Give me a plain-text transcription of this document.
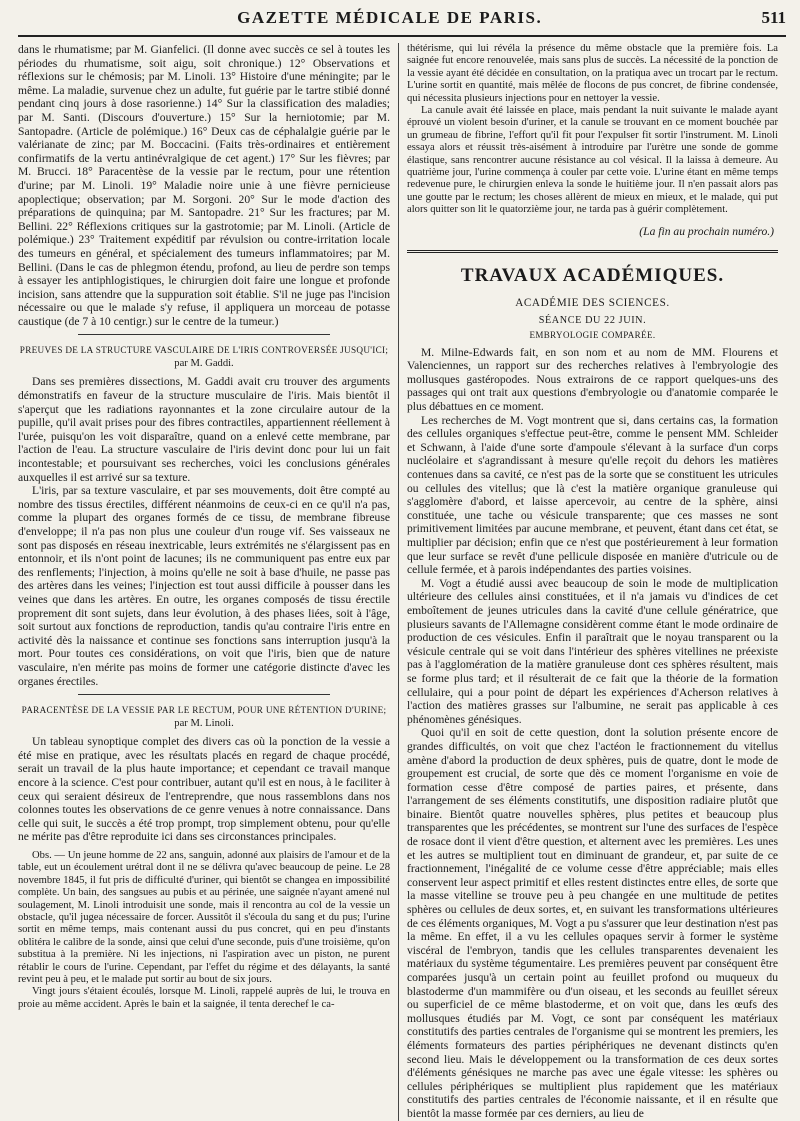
GAZETTE MÉDICALE DE PARIS.	511

dans le rhumatisme; par M. Gianfelici. (Il donne avec succès ce sel à toutes les périodes du rhumatisme, soit aigu, soit chronique.) 12° Observations et réflexions sur le chémosis; par M. Linoli. 13° Histoire d'une méningite; par le même. La maladie, survenue chez un adulte, fut guérie par le tartre stibié donné pendant cinq jours à dose rasorienne.) 14° Sur la classification des maladies; par M. Santi. (Discours d'ouverture.) 15° Sur la herniotomie; par M. Santopadre. (Article de polémique.) 16° Deux cas de céphalalgie guérie par le valérianate de zinc; par M. Boccacini. (Faits très-ordinaires et entièrement confirmatifs de la vertu antinévralgique de cet agent.) 17° Sur les fièvres; par M. Brucci. 18° Paracentèse de la vessie par le rectum, pour une rétention d'urine; par M. Linoli. 19° Maladie noire unie à une fièvre pernicieuse apoplectique; observation; par M. Sorgoni. 20° Sur le mode d'action des préparations de quinquina; par M. Santopadre. 21° Sur les fractures; par M. Bellini. 22° Réflexions critiques sur la gastrotomie; par M. Linoli. (Article de polémique.) 23° Traitement expéditif par révulsion ou contre-irritation locale des tumeurs en général, et spécialement des tumeurs inflammatoires; par M. Bellini. (Dans le cas de phlegmon étendu, profond, au lieu de perdre son temps à essayer les antiphlogistiques, le chirurgien doit faire une longue et profonde incision, sans attendre que la suppuration soit établie. S'il ne juge pas l'incision nécessaire ou que le malade s'y refuse, il appliquera un morceau de potasse caustique (de 7 à 10 centigr.) sur le centre de la tumeur.)

PREUVES DE LA STRUCTURE VASCULAIRE DE L'IRIS CONTROVERSÉE JUSQU'ICI;
par M. Gaddi.

Dans ses premières dissections, M. Gaddi avait cru trouver des arguments démonstratifs en faveur de la structure musculaire de l'iris. Mais bientôt il s'aperçut que les radiations rayonnantes et la zone circulaire autour de la pupille, qu'il avait prises pour des fibres contractiles, appartiennent réellement à l'urée, puisqu'on les voit disparaître, quand on a enlevé cette membrane, par l'action de l'eau. La structure vasculaire de l'iris devint donc pour lui un fait incontestable; et poursuivant ses recherches, voici les conclusions générales auxquelles il est arrivé sur sa texture.

L'iris, par sa texture vasculaire, et par ses mouvements, doit être compté au nombre des tissus érectiles, différent néanmoins de ceux-ci en ce qu'il n'a pas, comme la plupart des organes formés de ce tissu, de membrane fibreuse d'enveloppe; il n'a pas non plus une couleur d'un rouge vif. Ses vaisseaux ne sont pas disposés en réseau inextricable, leurs extrémités ne s'élargissent pas en entonnoir, et ils n'ont point de lacunes; ils ne communiquent pas entre eux par des renflements; l'injection, à moins qu'elle ne soit à base d'huile, ne passe pas des artères dans les veines; l'injection est tout aussi difficile à pousser dans les veines que dans les artères. En outre, les organes composés de tissu érectile proprement dit sont sujets, dans leur évolution, à des phases liées, soit à l'âge, soit surtout aux fonctions de reproduction, tandis qu'au contraire l'iris entre en activité dès la naissance et continue ses fonctions sans interruption jusqu'à la mort. Pour toutes ces considérations, on voit que l'iris, bien que de nature vasculaire, n'en mérite pas moins de former une catégorie distincte d'avec les organes érectiles.

PARACENTÈSE DE LA VESSIE PAR LE RECTUM, POUR UNE RÉTENTION D'URINE;
par M. Linoli.

Un tableau synoptique complet des divers cas où la ponction de la vessie a été mise en pratique, avec les résultats placés en regard de chaque procédé, serait un travail de la plus haute importance; et cependant ce travail manque encore à la science. C'est pour contribuer, autant qu'il est en nous, à le faciliter à ceux qui seraient désireux de l'entreprendre, que nous rassemblons dans nos colonnes toutes les observations de ce genre venues à notre connaissance. Dans celle qui suit, le succès a été trop prompt, trop simplement obtenu, pour qu'elle ne mérite pas d'être reproduite ici dans ses circonstances principales.

Obs. — Un jeune homme de 22 ans, sanguin, adonné aux plaisirs de l'amour et de la table, eut un écoulement urétral dont il ne se délivra qu'avec beaucoup de peine. Le 28 novembre 1845, il fut pris de difficulté d'uriner, qui bientôt se changea en impossibilité complète. Un bain, des sangsues au pubis et au périnée, une saignée n'ayant amené nul soulagement, M. Linoli introduisit une sonde, mais il rencontra au col de la vessie un obstacle, qu'il jugea nécessaire de forcer. Aussitôt il s'écoula du sang et du pus; l'urine sortit en même temps, mais contenant aussi du pus concret, qui en peu d'instants oblitéra le calibre de la sonde, ainsi que celui d'une seconde, puis d'une troisième, qu'on substitua à la première. Ni les injections, ni l'aspiration avec un piston, ne purent rétablir le cours de l'urine. Cependant, par l'effet du régime et des délayants, la santé revint peu à peu, et le malade put sortir au bout de six jours.

Vingt jours s'étaient écoulés, lorsque M. Linoli, rappelé auprès de lui, le trouva en proie au même accident. Après le bain et la saignée, il tenta derechef le ca-

thétérisme, qui lui révéla la présence du même obstacle que la première fois. La saignée fut encore renouvelée, mais sans plus de succès. La nécessité de la ponction de la vessie ayant été décidée en consultation, on la pratiqua avec un trocart par le rectum. L'urine sortit en quantité, mais mêlée de flocons de pus concret, de fibrine condensée, qui nécessita plusieurs injections pour en nettoyer la vessie.

La canule avait été laissée en place, mais pendant la nuit suivante le malade ayant éprouvé un violent besoin d'uriner, et la canule se trouvant en ce moment bouchée par un grumeau de fibrine, l'effort qu'il fit pour l'expulser fit sortir l'instrument. M. Linoli essaya alors et réussit très-aisément à introduire par l'urètre une sonde de gomme élastique, sans rencontrer aucune résistance au col vésical. Il la laissa à demeure. Au quatrième jour, l'urine commença à couler par cette voie. L'urine étant en même temps redevenue pure, le chirurgien enleva la sonde le huitième jour. Il n'en passait alors pas une goutte par le rectum; les choses allèrent de mieux en mieux, et le malade, qui put alors quitter son lit le quatorzième jour, ne tarda pas à guérir complètement.

(La fin au prochain numéro.)
TRAVAUX ACADÉMIQUES.
ACADÉMIE DES SCIENCES.
SÉANCE DU 22 JUIN.
EMBRYOLOGIE COMPARÉE.

M. Milne-Edwards fait, en son nom et au nom de MM. Flourens et Valenciennes, un rapport sur des recherches relatives à l'embryologie des mollusques gastéropodes. Nous extrairons de ce rapport quelques-uns des passages qui ont trait aux questions d'embryologie ou d'anatomie comparée le plus débattues en ce moment.

Les recherches de M. Vogt montrent que si, dans certains cas, la formation des cellules organiques s'effectue peut-être, comme le pensent MM. Schleider et Schwann, à l'aide d'une sorte d'ampoule s'élevant à la surface d'un corps nucléolaire et s'agrandissant à mesure qu'elle reçoit du dehors les matières contenues dans sa cavité, ce n'est pas de la sorte que se constituent les utricules ou cellules des vitellus; que là c'est la matière organique granuleuse qui s'agglomère d'abord, et laisse apercevoir, au centre de la sphère, ainsi constituée, une tache ou vésicule transparente; que ces masses ne sont primitivement limitées par aucune membrane, et peuvent, étant dans cet état, se multiplier par décision; enfin que ce n'est que postérieurement à leur formation que leur surface se revêt d'une pellicule disposée en manière d'utricule ou de cellule fermée, et à parois indépendantes des parties voisines.

M. Vogt a étudié aussi avec beaucoup de soin le mode de multiplication ultérieure des cellules ainsi constituées, et il n'a jamais vu d'indices de cet emboîtement de jeunes utricules dans la cavité d'une cellule génératrice, que plusieurs savants de l'Allemagne considèrent comme étant le mode ordinaire de production de ces vésicules. Enfin il paraîtrait que le noyau transparent ou la vésicule centrale qui se voit dans l'intérieur des sphères vitellines ne préexiste pas à l'agglomération de la matière granuleuse dont ces sphères résultent, mais se forme plus tard; et il résulterait de ce fait que la théorie de la formation cellulaire, qui a pour point de départ les expériences d'Acherson relatives à l'action des matières grasses sur l'albumine, ne serait pas applicable à ces phénomènes génésiques.

Quoi qu'il en soit de cette question, dont la solution présente encore de grandes difficultés, on voit que chez l'actéon le fractionnement du vitellus amène d'abord la production de deux sphères, puis de quatre, dont le mode de groupement est crucial, de sorte que dès ce moment l'organisme en voie de formation cesse d'être composé de parties paires, et présente, dans l'arrangement de ses éléments constitutifs, une disposition radiaire plutôt que binaire. Bientôt quatre nouvelles sphères, plus petites et beaucoup plus transparentes que les précédentes, se montrent sur l'une des surfaces de l'espèce de rosace dont il vient d'être question, et alternent avec les premières. Les unes et les autres se multiplient tout en diminuant de grandeur, et, par suite de ce fractionnement, l'inégalité de ce volume cesse d'être appréciable; mais elles conservent leur aspect primitif et elles restent distinctes entre elles, de sorte que la masse vitelline se trouve peu à peu changée en une multitude de petites sphères ou cellules de deux sortes, et, en suivant les transformations ultérieures de ces éléments organiques, M. Vogt a pu s'assurer que leur destination n'est pas la même. En effet, il a vu les cellules opaques servir à former le système viscéral de l'embryon, tandis que les cellules transparentes devenaient les matériaux du système tégumentaire. Les premières peuvent par conséquent être comparées jusqu'à un certain point au feuillet profond ou muqueux du blastoderme d'un mammifère ou d'un oiseau, et les seconds au feuillet séreux ou superficiel de ce même blastoderme, et on voit que, dans les œufs des mollusques étudiés par M. Vogt, ce sont par conséquent les matériaux constitutifs des parties centrales de l'organisme qui se montrent les premiers, les éléments formateurs des parties périphériques ne devenant distincts qu'en second lieu. Mais le développement ou la transformation de ces deux sortes d'éléments génésiques ne marche pas avec une égale vitesse: les sphères ou cellules périphériques se multiplient plus rapidement que les matériaux constitutifs des parties centrales de l'économie naissante, et il en résulte que bientôt la masse formée par ces derniers, au lieu de
